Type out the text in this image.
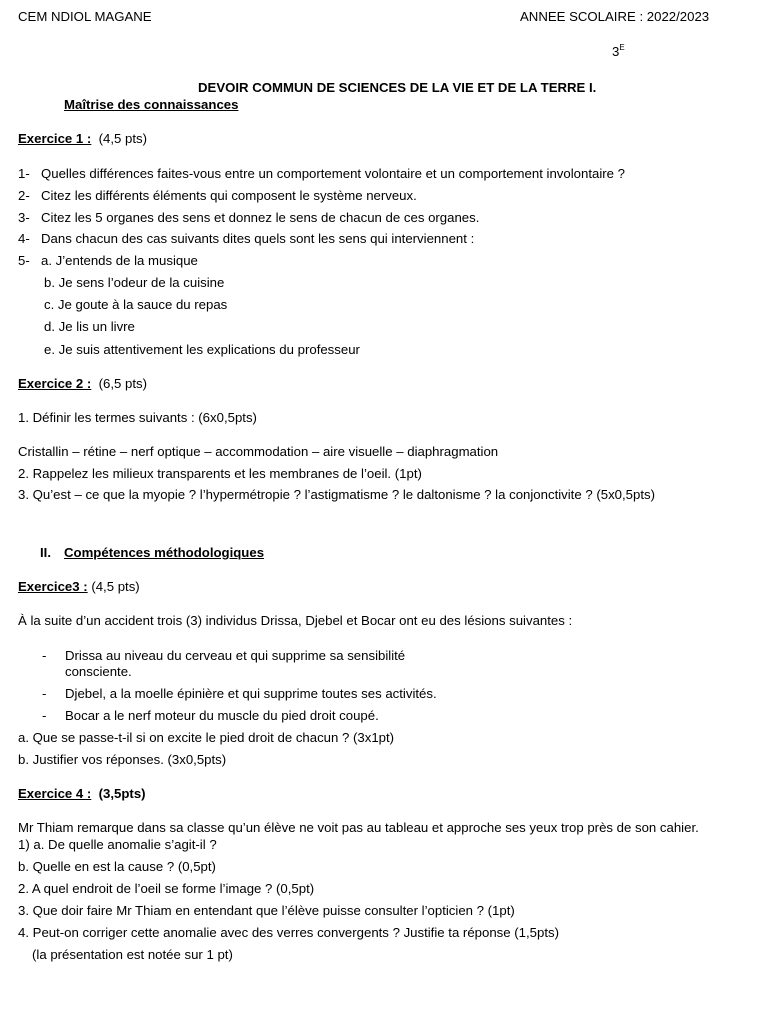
CEM NDIOL MAGANE	ANNEE SCOLAIRE : 2022/2023
$3^E$
DEVOIR COMMUN DE SCIENCES DE LA VIE ET DE LA TERRE I.
Maîtrise des connaissances
Exercice 1 : (4,5 pts)
1- Quelles différences faites-vous entre un comportement volontaire et un comportement involontaire ?
2- Citez les différents éléments qui composent le système nerveux.
3- Citez les 5 organes des sens et donnez le sens de chacun de ces organes.
4- Dans chacun des cas suivants dites quels sont les sens qui interviennent :
5- a. J’entends de la musique
b. Je sens l’odeur de la cuisine
c. Je goute à la sauce du repas
d. Je lis un livre
e. Je suis attentivement les explications du professeur
Exercice 2 : (6,5 pts)
1. Définir les termes suivants : (6x0,5pts)
Cristallin – rétine – nerf optique – accommodation – aire visuelle – diaphragmation
2. Rappelez les milieux transparents et les membranes de l’oeil. (1pt)
3. Qu’est – ce que la myopie ? l’hypermétropie ? l’astigmatisme ? le daltonisme ? la conjonctivite ? (5x0,5pts)
II. Compétences méthodologiques
Exercice3 : (4,5 pts)
À la suite d’un accident trois (3) individus Drissa, Djebel et Bocar ont eu des lésions suivantes :
- Drissa au niveau du cerveau et qui supprime sa sensibilité
consciente.
- Djebel, a la moelle épinière et qui supprime toutes ses activités.
- Bocar a le nerf moteur du muscle du pied droit coupé.
a. Que se passe-t-il si on excite le pied droit de chacun ? (3x1pt)
b. Justifier vos réponses. (3x0,5pts)
Exercice 4 : (3,5pts)
Mr Thiam remarque dans sa classe qu’un élève ne voit pas au tableau et approche ses yeux trop près de son cahier.
1) a. De quelle anomalie s’agit-il ?
b. Quelle en est la cause ? (0,5pt)
2. A quel endroit de l’oeil se forme l’image ? (0,5pt)
3. Que doir faire Mr Thiam en entendant que l’élève puisse consulter l’opticien ? (1pt)
4. Peut-on corriger cette anomalie avec des verres convergents ? Justifie ta réponse (1,5pts)
(la présentation est notée sur 1 pt)
